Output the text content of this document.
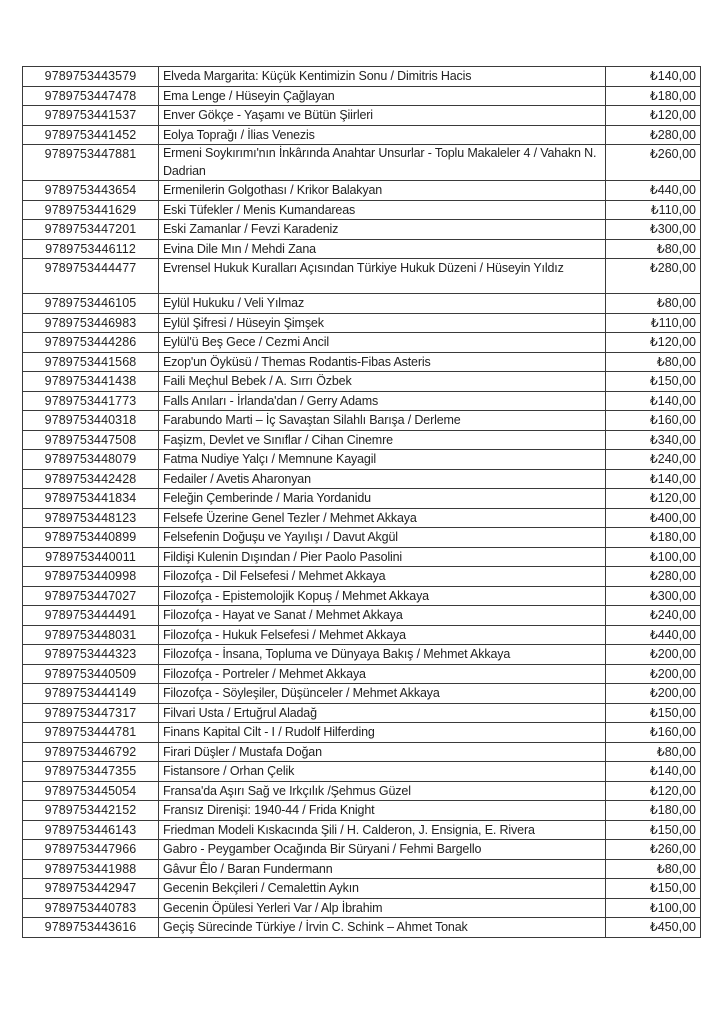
9789753443579	Elveda Margarita: Küçük Kentimizin Sonu / Dimitris Hacis	₺140,00
9789753447478	Ema Lenge / Hüseyin Çağlayan	₺180,00
9789753441537	Enver Gökçe - Yaşamı ve Bütün Şiirleri	₺120,00
9789753441452	Eolya Toprağı / İlias Venezis	₺280,00
9789753447881	Ermeni Soykırımı'nın İnkârında Anahtar Unsurlar - Toplu Makaleler 4 / Vahakn N. Dadrian	₺260,00
9789753443654	Ermenilerin Golgothası / Krikor Balakyan	₺440,00
9789753441629	Eski Tüfekler / Menis Kumandareas	₺110,00
9789753447201	Eski Zamanlar / Fevzi Karadeniz	₺300,00
9789753446112	Evina Dile Mın / Mehdi Zana	₺80,00
9789753444477	Evrensel Hukuk Kuralları Açısından Türkiye Hukuk Düzeni / Hüseyin Yıldız	₺280,00
9789753446105	Eylül Hukuku / Veli Yılmaz	₺80,00
9789753446983	Eylül Şifresi / Hüseyin Şimşek	₺110,00
9789753444286	Eylül'ü Beş Gece / Cezmi Ancil	₺120,00
9789753441568	Ezop'un Öyküsü / Themas Rodantis-Fibas Asteris	₺80,00
9789753441438	Faili Meçhul Bebek / A. Sırrı Özbek	₺150,00
9789753441773	Falls Anıları - İrlanda'dan / Gerry Adams	₺140,00
9789753440318	Farabundo Marti – İç Savaştan Silahlı Barışa / Derleme	₺160,00
9789753447508	Faşizm, Devlet ve Sınıflar / Cihan Cinemre	₺340,00
9789753448079	Fatma Nudiye Yalçı / Memnune Kayagil	₺240,00
9789753442428	Fedailer / Avetis Aharonyan	₺140,00
9789753441834	Feleğin Çemberinde / Maria Yordanidu	₺120,00
9789753448123	Felsefe Üzerine Genel Tezler / Mehmet Akkaya	₺400,00
9789753440899	Felsefenin Doğuşu ve Yayılışı / Davut Akgül	₺180,00
9789753440011	Fildişi Kulenin Dışından / Pier Paolo Pasolini	₺100,00
9789753440998	Filozofça - Dil Felsefesi / Mehmet Akkaya	₺280,00
9789753447027	Filozofça - Epistemolojik Kopuş / Mehmet Akkaya	₺300,00
9789753444491	Filozofça - Hayat ve Sanat / Mehmet Akkaya	₺240,00
9789753448031	Filozofça - Hukuk Felsefesi / Mehmet Akkaya	₺440,00
9789753444323	Filozofça - İnsana, Topluma ve Dünyaya Bakış / Mehmet Akkaya	₺200,00
9789753440509	Filozofça - Portreler / Mehmet Akkaya	₺200,00
9789753444149	Filozofça - Söyleşiler, Düşünceler / Mehmet Akkaya	₺200,00
9789753447317	Filvari Usta / Ertuğrul Aladağ	₺150,00
9789753444781	Finans Kapital Cilt - I / Rudolf Hilferding	₺160,00
9789753446792	Firari Düşler / Mustafa Doğan	₺80,00
9789753447355	Fistansore / Orhan Çelik	₺140,00
9789753445054	Fransa'da Aşırı Sağ ve Irkçılık /Şehmus Güzel	₺120,00
9789753442152	Fransız Direnişi: 1940-44 / Frida Knight	₺180,00
9789753446143	Friedman Modeli Kıskacında Şili / H. Calderon, J. Ensignia, E. Rivera	₺150,00
9789753447966	Gabro - Peygamber Ocağında Bir Süryani / Fehmi Bargello	₺260,00
9789753441988	Gâvur Êlo / Baran Fundermann	₺80,00
9789753442947	Gecenin Bekçileri / Cemalettin Aykın	₺150,00
9789753440783	Gecenin Öpülesi Yerleri Var / Alp İbrahim	₺100,00
9789753443616	Geçiş Sürecinde Türkiye / İrvin C. Schink – Ahmet Tonak	₺450,00
